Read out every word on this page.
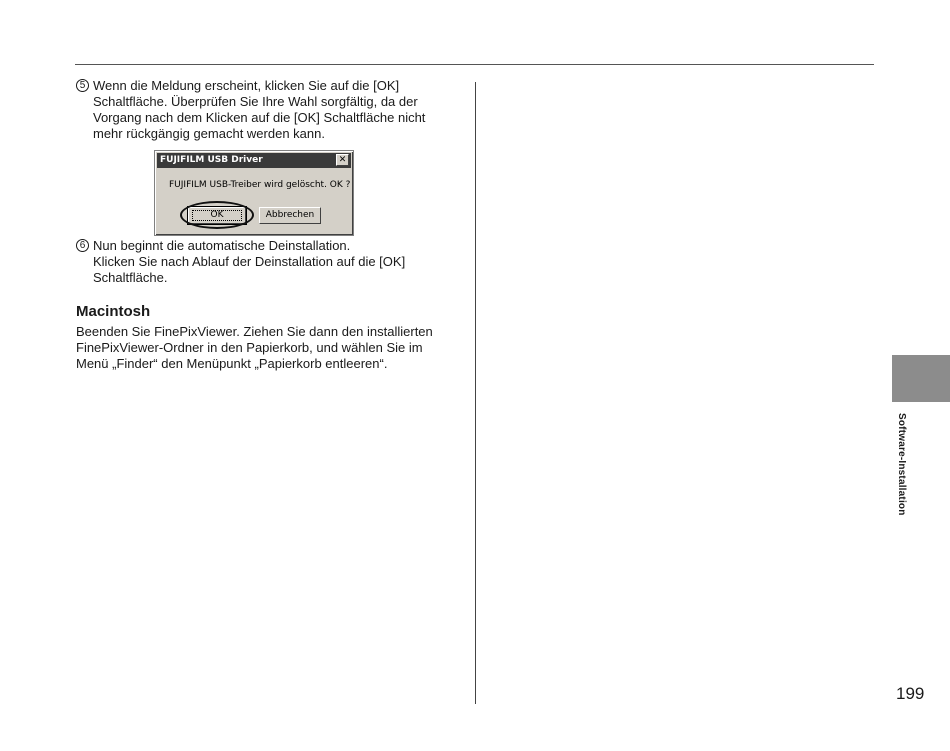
5 Wenn die Meldung erscheint, klicken Sie auf die [OK] Schaltfläche. Überprüfen Sie Ihre Wahl sorgfältig, da der Vorgang nach dem Klicken auf die [OK] Schaltfläche nicht mehr rückgängig gemacht werden kann.

6 Nun beginnt die automatische Deinstallation.

Klicken Sie nach Ablauf der Deinstallation auf die [OK] Schaltfläche.

Macintosh

Beenden Sie FinePixViewer. Ziehen Sie dann den installierten FinePixViewer-Ordner in den Papierkorb, und wählen Sie im Menü „Finder“ den Menüpunkt „Papierkorb entleeren“.

FUJIFILM USB Driver	✕
FUJIFILM USB-Treiber wird gelöscht. OK ?
OK	Abbrechen
Software-Installation
199
